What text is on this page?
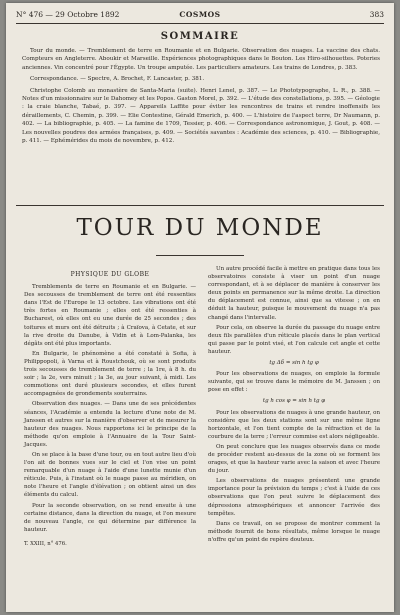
N° 476 — 29 Octobre 1892	COSMOS	383
SOMMAIRE

Tour du monde. — Tremblement de terre en Roumanie et en Bulgarie. Observation des nuages. La vaccine des chats. Compteurs en Angleterre. Aboukir et Marseille. Expériences photographiques dans le Bouton. Les Hiro-silhouettes. Poteries anciennes. Vin concentré pour l'Égypte. Un troupe amputée. Les particuliers amateurs. Les trains de Londres, p. 383.

Correspondance. — Spectre, A. Brochet, F. Lancaster, p. 381.

Christophe Colomb au monastère de Santa-Maria (suite). Henri Lenel, p. 387. — Le Phototypographe, L. R., p. 388. — Notes d'un missionnaire sur le Dahomey et les Popos. Gaston Morel, p. 392. — L'étude des constellations, p. 395. — Géologie : la craie blanche, Tabaé, p. 397. — Appareils Laffite pour éviter les rencontres de trains et rendre inoffensifs les déraillements, C. Chemin, p. 399. — Elie Contestine, Gérald Emerich, p. 400. — L'histoire de l'aspect terre, Dr Naumann, p. 402. — La bibliographie, p. 405. — La famine de 1709, Tessier, p. 406. — Correspondance astronomique, J. Gout, p. 408. — Les nouvelles poudres des armées françaises, p. 409. — Sociétés savantes : Académie des sciences, p. 410. — Bibliographie, p. 411. — Ephémérides du mois de novembre, p. 412.

TOUR DU MONDE

PHYSIQUE DU GLOBE

Tremblements de terre en Roumanie et en Bulgarie. — Des secousses de tremblement de terre ont été ressenties dans l'Est de l'Europe le 13 octobre. Les vibrations ont été très fortes en Roumanie ; elles ont été ressenties à Bucharest, où elles ont eu une durée de 25 secondes ; des toitures et murs ont été détruits ; à Craïova, à Cetate, et sur la rive droite du Danube, à Vidin et à Lom-Palanka, les dégâts ont été plus importants.

En Bulgarie, le phénomène a été constaté à Sofia, à Philippopoli, à Varna et à Roustchouk, où se sont produits trois secousses de tremblement de terre ; la 1re, à 8 h. du soir ; la 2e, vers minuit ; la 3e, au jour suivant, à midi. Les commotions ont duré plusieurs secondes, et elles furent accompagnées de grondements souterrains.

Observation des nuages. — Dans une de ses précédentes séances, l'Académie a entendu la lecture d'une note de M. Janssen et autres sur la manière d'observer et de mesurer la hauteur des nuages. Nous rapportons ici le principe de la méthode qu'on emploie à l'Annuaire de la Tour Saint-Jacques.

On se place à la base d'une tour, ou en tout autre lieu d'où l'on ait de bonnes vues sur le ciel et l'on vise un point remarquable d'un nuage à l'aide d'une lunette munie d'un réticule. Puis, à l'instant où le nuage passe au méridien, on note l'heure et l'angle d'élévation ; on obtient ainsi un des éléments du calcul.

Pour la seconde observation, on se rend ensuite à une certaine distance, dans la direction du nuage, et l'on mesure de nouveau l'angle, ce qui détermine par différence la hauteur.

T. XXIII, n° 476.

Un autre procédé facile à mettre en pratique dans tous les observatoires consiste à viser un point d'un nuage correspondant, et à se déplacer de manière à conserver les deux points en permanence sur la même droite. La direction du déplacement est connue, ainsi que sa vitesse ; on en déduit la hauteur, puisque le mouvement du nuage n'a pas changé dans l'intervalle.

Pour cela, on observe la durée du passage du nuage entre deux fils parallèles d'un réticule placés dans le plan vertical qui passe par le point visé, et l'on calcule cet angle et cette hauteur.

tg Δδ = sin h tg φ

Pour les observations de nuages, on emploie la formule suivante, qui se trouve dans le mémoire de M. Janssen ; on pose en effet :

tg h cos φ = sin h tg φ

Pour les observations de nuages à une grande hauteur, on considère que les deux stations sont sur une même ligne horizontale, et l'on tient compte de la réfraction et de la courbure de la terre ; l'erreur commise est alors négligeable.

On peut conclure que les nuages observés dans ce mode de procéder restent au-dessus de la zone où se forment les orages, et que la hauteur varie avec la saison et avec l'heure du jour.

Les observations de nuages présentent une grande importance pour la prévision du temps ; c'est à l'aide de ces observations que l'on peut suivre le déplacement des dépressions atmosphériques et annoncer l'arrivée des tempêtes.

Dans ce travail, on se propose de montrer comment la méthode fournit de bons résultats, même lorsque le nuage n'offre qu'un point de repère douteux.
